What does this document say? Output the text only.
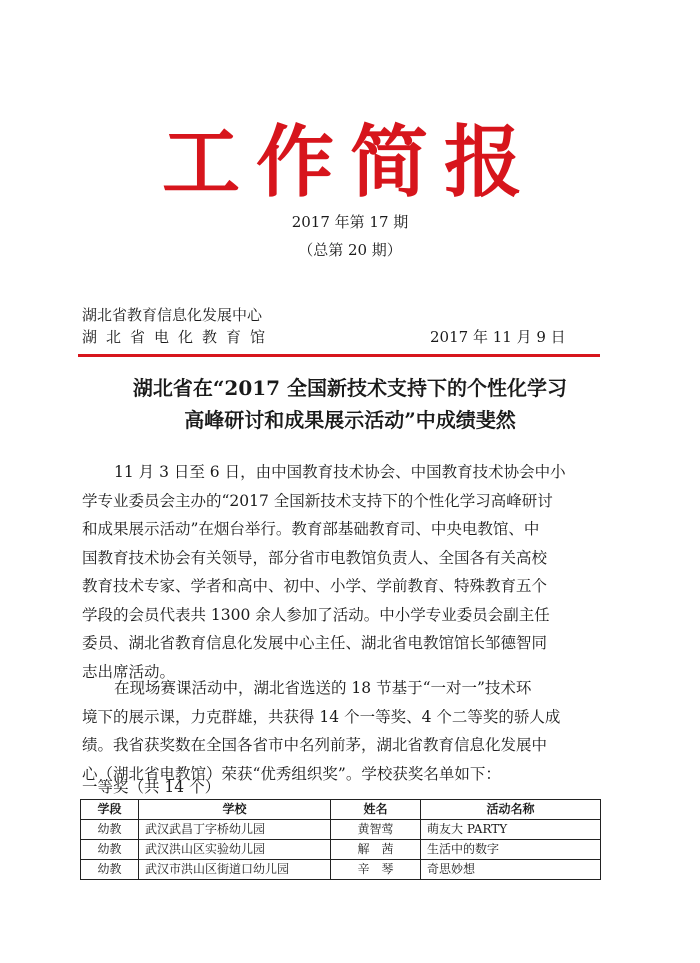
工作简报
2017 年第 17 期
（总第 20 期）
湖北省教育信息化发展中心
湖北省电化教育馆	2017 年 11 月 9 日
湖北省在“2017 全国新技术支持下的个性化学习
高峰研讨和成果展示活动”中成绩斐然
11 月 3 日至 6 日，由中国教育技术协会、中国教育技术协会中小
学专业委员会主办的“2017 全国新技术支持下的个性化学习高峰研讨
和成果展示活动”在烟台举行。教育部基础教育司、中央电教馆、中
国教育技术协会有关领导，部分省市电教馆负责人、全国各有关高校
教育技术专家、学者和高中、初中、小学、学前教育、特殊教育五个
学段的会员代表共 1300 余人参加了活动。中小学专业委员会副主任
委员、湖北省教育信息化发展中心主任、湖北省电教馆馆长邹德智同
志出席活动。
在现场赛课活动中，湖北省选送的 18 节基于“一对一”技术环
境下的展示课，力克群雄，共获得 14 个一等奖、4 个二等奖的骄人成
绩。我省获奖数在全国各省市中名列前茅，湖北省教育信息化发展中
心（湖北省电教馆）荣获“优秀组织奖”。学校获奖名单如下：
一等奖（共 14 个）
学段	学校	姓名	活动名称
幼教	武汉武昌丁字桥幼儿园	黄智莺	萌友大 PARTY
幼教	武汉洪山区实验幼儿园	解　茜	生活中的数字
幼教	武汉市洪山区街道口幼儿园	辛　琴	奇思妙想
